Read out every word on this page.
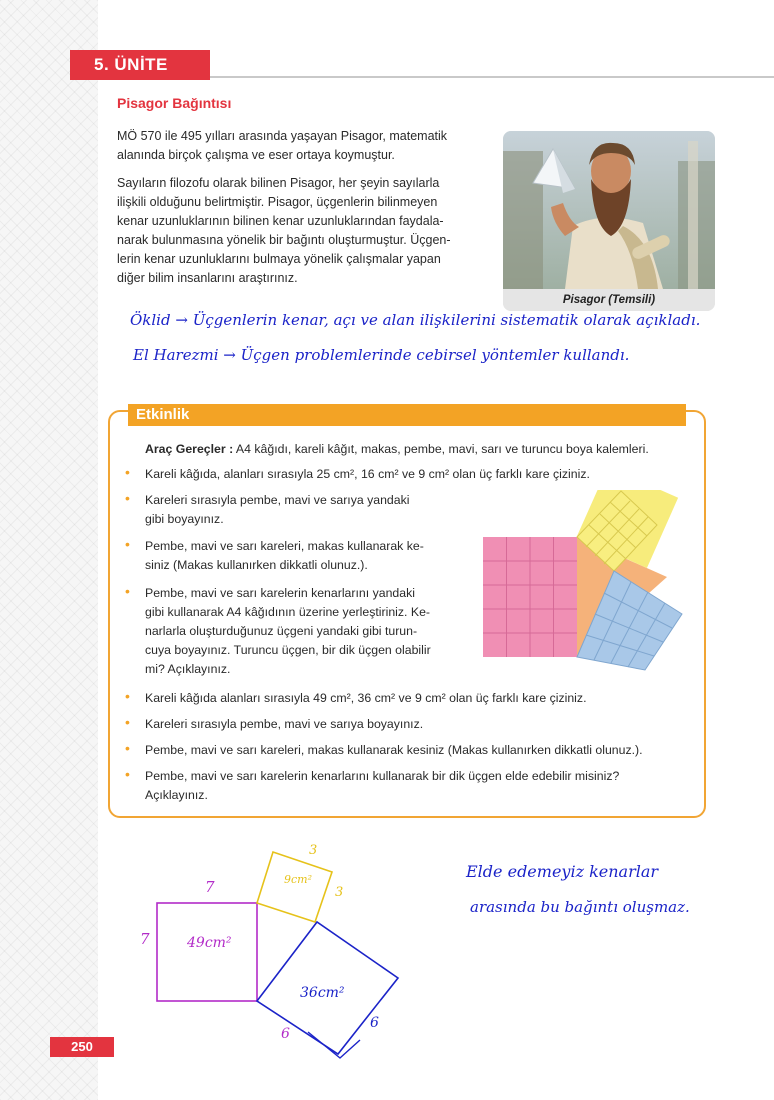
5. ÜNİTE
Pisagor Bağıntısı

MÖ 570 ile 495 yılları arasında yaşayan Pisagor, matematik
alanında birçok çalışma ve eser ortaya koymuştur.

Sayıların filozofu olarak bilinen Pisagor, her şeyin sayılarla
ilişkili olduğunu belirtmiştir. Pisagor, üçgenlerin bilinmeyen
kenar uzunluklarının bilinen kenar uzunluklarından faydala-
narak bulunmasına yönelik bir bağıntı oluşturmuştur. Üçgen-
lerin kenar uzunluklarını bulmaya yönelik çalışmalar yapan
diğer bilim insanlarını araştırınız.

Pisagor (Temsili)
Öklid → Üçgenlerin kenar, açı ve alan ilişkilerini sistematik olarak açıkladı.
El Harezmi → Üçgen problemlerinde cebirsel yöntemler kullandı.
Etkinlik

Araç Gereçler : A4 kâğıdı, kareli kâğıt, makas, pembe, mavi, sarı ve turuncu boya kalemleri.

• Kareli kâğıda, alanları sırasıyla 25 cm², 16 cm² ve 9 cm² olan üç farklı kare çiziniz.

• Kareleri sırasıyla pembe, mavi ve sarıya yandaki
gibi boyayınız.

• Pembe, mavi ve sarı kareleri, makas kullanarak ke-
siniz (Makas kullanırken dikkatli olunuz.).

• Pembe, mavi ve sarı karelerin kenarlarını yandaki
gibi kullanarak A4 kâğıdının üzerine yerleştiriniz. Ke-
narlarla oluşturduğunuz üçgeni yandaki gibi turun-
cuya boyayınız. Turuncu üçgen, bir dik üçgen olabilir
mi? Açıklayınız.

• Kareli kâğıda alanları sırasıyla 49 cm², 36 cm² ve 9 cm² olan üç farklı kare çiziniz.

• Kareleri sırasıyla pembe, mavi ve sarıya boyayınız.

• Pembe, mavi ve sarı kareleri, makas kullanarak kesiniz (Makas kullanırken dikkatli olunuz.).

• Pembe, mavi ve sarı karelerin kenarlarını kullanarak bir dik üçgen elde edebilir misiniz?
Açıklayınız.

7
7	49cm²
3
3
9cm²
36cm²
6
6
Elde edemeyiz kenarlar
arasında bu bağıntı oluşmaz.
250
